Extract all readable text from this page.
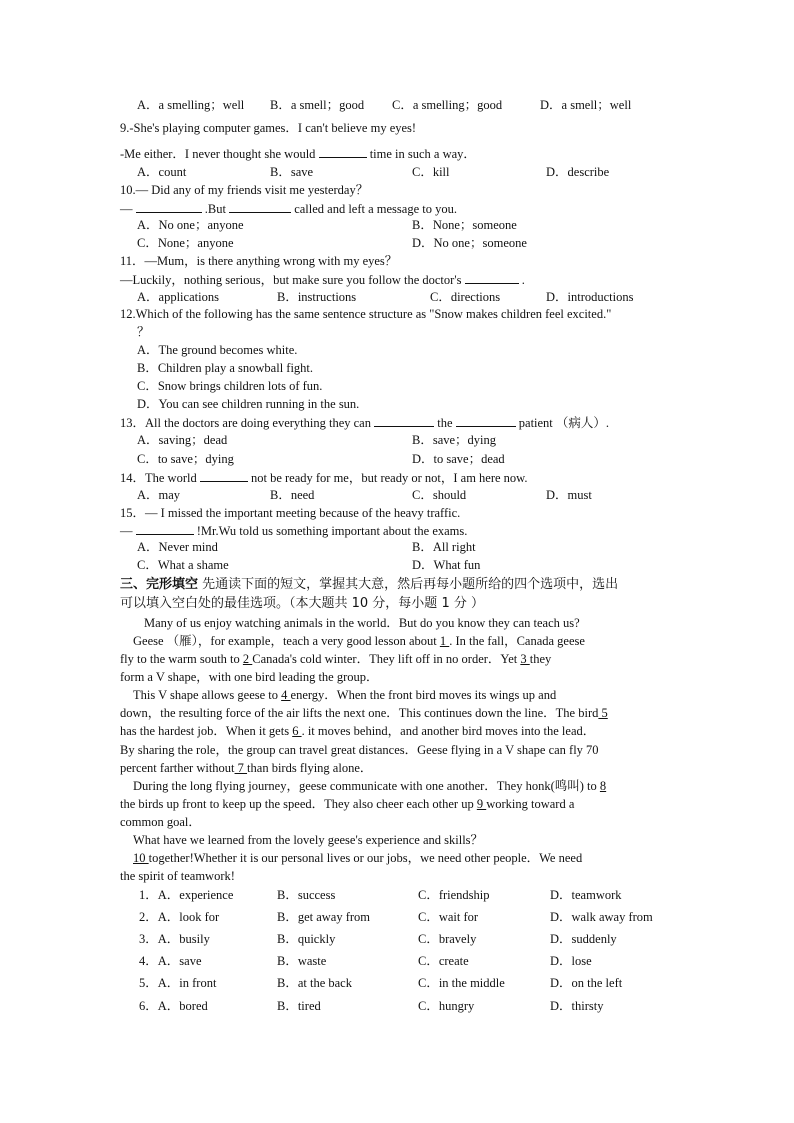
A．a smelling；well B．a smell；good C．a smelling；good	D．a smell；well
9.-She's playing computer games．I can't believe my eyes!
-Me either．I never thought she would	time in such a way．
A．count	B．save	C．kill	D．describe
10.— Did any of my friends visit me yesterday？
—	.But	called and left a message to you.
A．No one；anyone	B．None；someone
C．None；anyone	D．No one；someone
11．—Mum，is there anything wrong with my eyes？
—Luckily，nothing serious，but make sure you follow the doctor's	.
A．applications	B．instructions	C．directions	D．introductions
12.Which of the following has the same sentence structure as "Snow makes children feel excited."
？
A．The ground becomes white.
B．Children play a snowball fight.
C．Snow brings children lots of fun.
D．You can see children running in the sun.
13．All the doctors are doing everything they can	the	patient （病人）.
A．saving；dead	B．save；dying
C．to save；dying	D．to save；dead
14．The world	not be ready for me，but ready or not，I am here now.
A．may	B．need	C．should	D．must
15．— I missed the important meeting because of the heavy traffic.
—	!Mr.Wu told us something important about the exams.
A．Never mind	B．All right
C．What a shame	D．What fun
三、完形填空 先通读下面的短文，掌握其大意，然后再每小题所给的四个选项中，选出
可以填入空白处的最佳选项。（本大题共 10 分，每小题 1 分 ）
Many of us enjoy watching animals in the world．But do you know they can teach us?
Geese （雁），for example，teach a very good lesson about 1 . In the fall，Canada geese
fly to the warm south to 2 Canada's cold winter．They lift off in no order．Yet 3 they
form a V shape，with one bird leading the group．
This V shape allows geese to 4 energy．When the front bird moves its wings up and
down，the resulting force of the air lifts the next one．This continues down the line．The bird 5
has the hardest job．When it gets 6 . it moves behind，and another bird moves into the lead．
By sharing the role，the group can travel great distances．Geese flying in a V shape can fly 70
percent farther without 7 than birds flying alone．
During the long flying journey，geese communicate with one another．They honk(鸣叫) to 8
the birds up front to keep up the speed．They also cheer each other up 9 working toward a
common goal．
What have we learned from the lovely geese's experience and skills？
10 together!Whether it is our personal lives or our jobs，we need other people．We need
the spirit of teamwork!
1．A．experience	B．success	C．friendship	D．teamwork
2．A．look for	B．get away from	C．wait for	D．walk away from
3．A．busily	B．quickly	C．bravely	D．suddenly
4．A．save	B．waste	C．create	D．lose
5．A．in front	B．at the back	C．in the middle	D．on the left
6．A．bored	B．tired	C．hungry	D．thirsty
